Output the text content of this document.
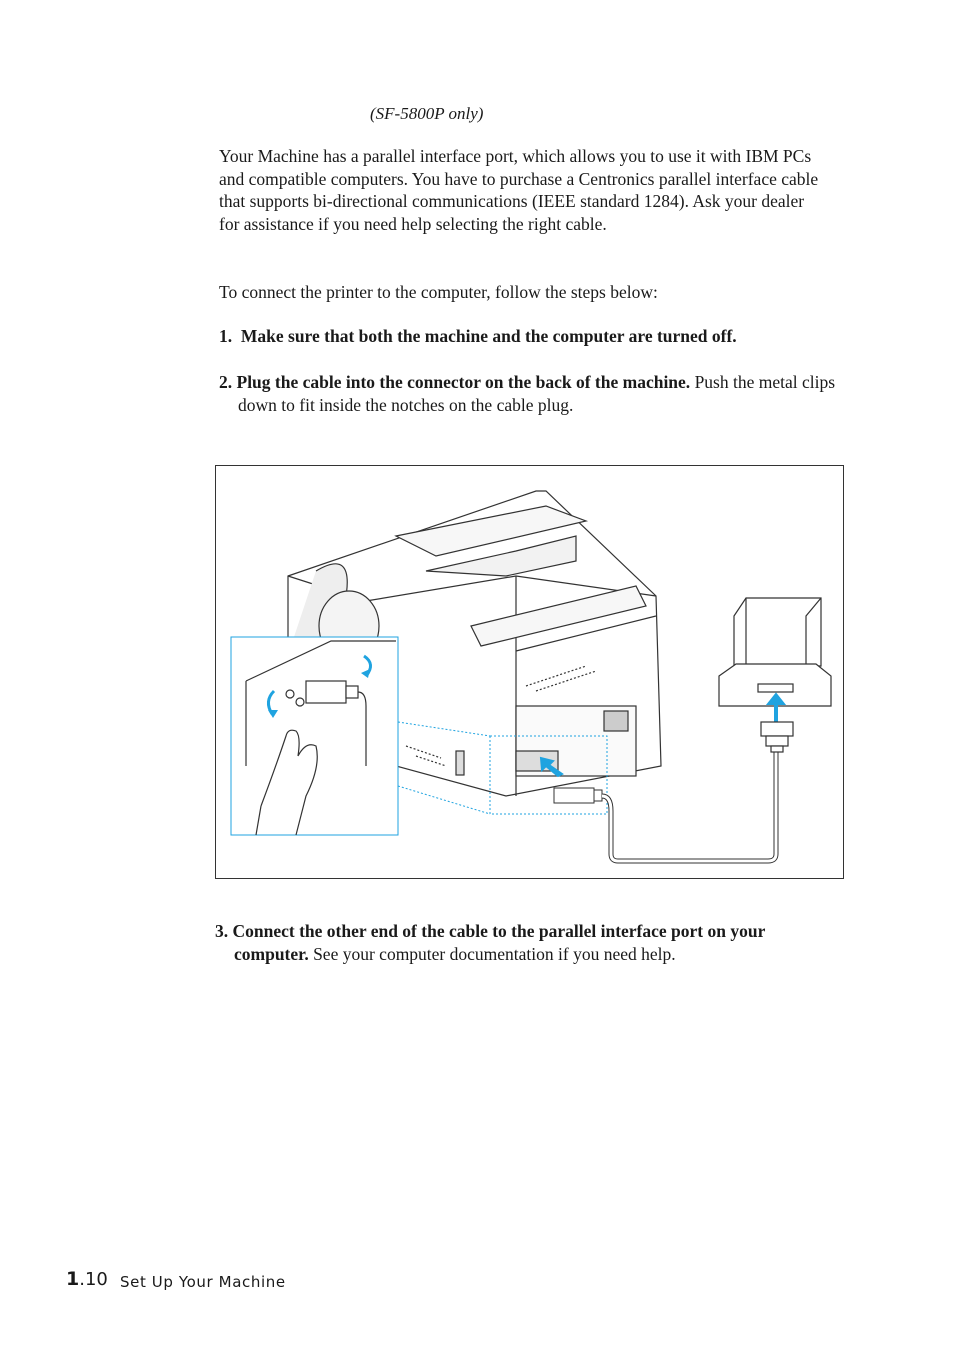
(SF-5800P only)
Your Machine has a parallel interface port, which allows you to use it with IBM PCs and compatible computers. You have to purchase a Centronics parallel interface cable that supports bi-directional communications (IEEE standard 1284). Ask your dealer for assistance if you need help selecting the right cable.
To connect the printer to the computer, follow the steps below:
1. Make sure that both the machine and the computer are turned off.
2. Plug the cable into the connector on the back of the machine. Push the metal clips down to fit inside the notches on the cable plug.
3. Connect the other end of the cable to the parallel interface port on your computer. See your computer documentation if you need help.
1.10 Set Up Your Machine
